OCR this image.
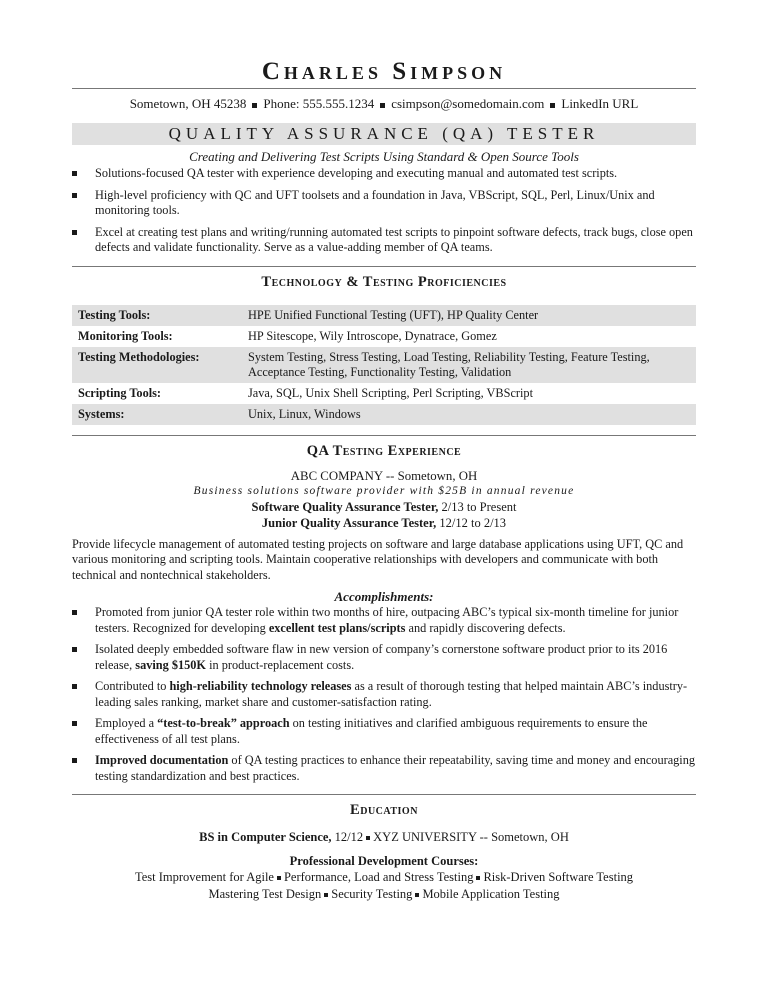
Charles Simpson
Sometown, OH 45238 Phone: 555.555.1234 csimpson@somedomain.com LinkedIn URL
QUALITY ASSURANCE (QA) TESTER
Creating and Delivering Test Scripts Using Standard & Open Source Tools
Solutions-focused QA tester with experience developing and executing manual and automated test scripts.
High-level proficiency with QC and UFT toolsets and a foundation in Java, VBScript, SQL, Perl, Linux/Unix and monitoring tools.
Excel at creating test plans and writing/running automated test scripts to pinpoint software defects, track bugs, close open defects and validate functionality. Serve as a value-adding member of QA teams.
Technology & Testing Proficiencies
Testing Tools:	HPE Unified Functional Testing (UFT), HP Quality Center
Monitoring Tools:	HP Sitescope, Wily Introscope, Dynatrace, Gomez
Testing Methodologies:	System Testing, Stress Testing, Load Testing, Reliability Testing, Feature Testing, Acceptance Testing, Functionality Testing, Validation
Scripting Tools:	Java, SQL, Unix Shell Scripting, Perl Scripting, VBScript
Systems:	Unix, Linux, Windows
QA Testing Experience
ABC COMPANY -- Sometown, OH
Business solutions software provider with $25B in annual revenue
Software Quality Assurance Tester, 2/13 to Present
Junior Quality Assurance Tester, 12/12 to 2/13
Provide lifecycle management of automated testing projects on software and large database applications using UFT, QC and various monitoring and scripting tools. Maintain cooperative relationships with developers and communicate with both technical and nontechnical stakeholders.
Accomplishments:
Promoted from junior QA tester role within two months of hire, outpacing ABC’s typical six-month timeline for junior testers. Recognized for developing excellent test plans/scripts and rapidly discovering defects.
Isolated deeply embedded software flaw in new version of company’s cornerstone software product prior to its 2016 release, saving $150K in product-replacement costs.
Contributed to high-reliability technology releases as a result of thorough testing that helped maintain ABC’s industry-leading sales ranking, market share and customer-satisfaction rating.
Employed a “test-to-break” approach on testing initiatives and clarified ambiguous requirements to ensure the effectiveness of all test plans.
Improved documentation of QA testing practices to enhance their repeatability, saving time and money and encouraging testing standardization and best practices.
Education
BS in Computer Science, 12/12 XYZ UNIVERSITY -- Sometown, OH
Professional Development Courses:
Test Improvement for Agile Performance, Load and Stress Testing Risk-Driven Software Testing
Mastering Test Design Security Testing Mobile Application Testing
